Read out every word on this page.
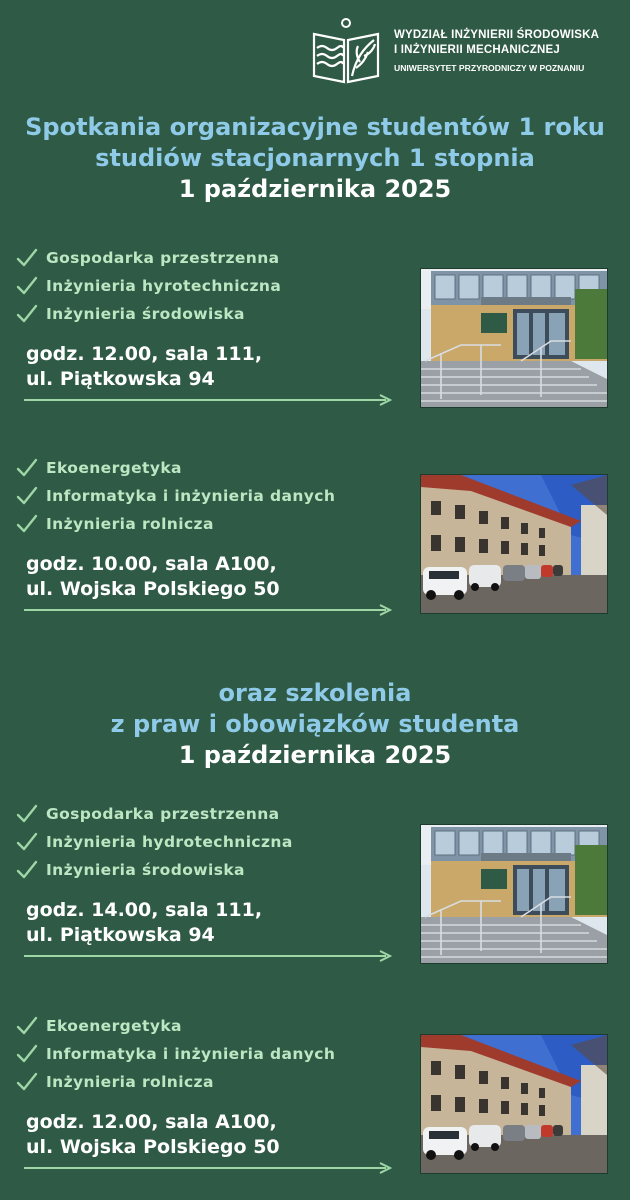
WYDZIAŁ INŻYNIERII ŚRODOWISKA
I INŻYNIERII MECHANICZNEJ
UNIWERSYTET PRZYRODNICZY W POZNANIU
Spotkania organizacyjne studentów 1 roku
studiów stacjonarnych 1 stopnia
1 października 2025
Gospodarka przestrzenna
Inżynieria hyrotechniczna
Inżynieria środowiska
godz. 12.00, sala 111,
ul. Piątkowska 94
Ekoenergetyka
Informatyka i inżynieria danych
Inżynieria rolnicza
godz. 10.00, sala A100,
ul. Wojska Polskiego 50
oraz szkolenia
z praw i obowiązków studenta
1 października 2025
Gospodarka przestrzenna
Inżynieria hydrotechniczna
Inżynieria środowiska
godz. 14.00, sala 111,
ul. Piątkowska 94
Ekoenergetyka
Informatyka i inżynieria danych
Inżynieria rolnicza
godz. 12.00, sala A100,
ul. Wojska Polskiego 50
